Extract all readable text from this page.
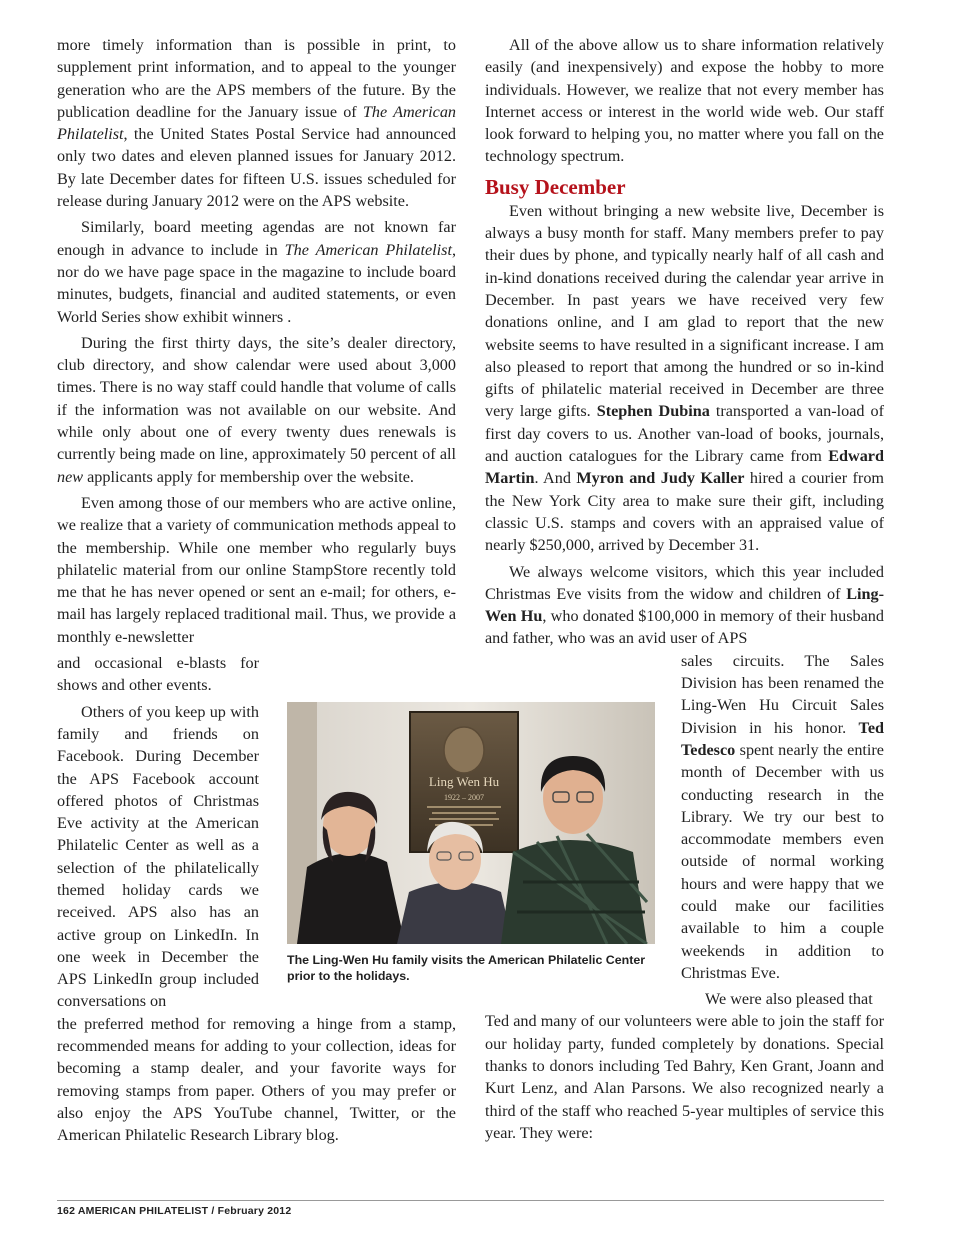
more timely information than is possible in print, to supplement print information, and to appeal to the younger generation who are the APS members of the future. By the publication deadline for the January issue of The American Philatelist, the United States Postal Service had announced only two dates and eleven planned issues for January 2012. By late December dates for fifteen U.S. issues scheduled for release during January 2012 were on the APS website.

Similarly, board meeting agendas are not known far enough in advance to include in The American Philatelist, nor do we have page space in the magazine to include board minutes, budgets, financial and audited statements, or even World Series show exhibit winners .

During the first thirty days, the site’s dealer directory, club directory, and show calendar were used about 3,000 times. There is no way staff could handle that volume of calls if the information was not available on our website. And while only about one of every twenty dues renewals is currently being made on line, approximately 50 percent of all new applicants apply for membership over the website.

Even among those of our members who are active online, we realize that a variety of communication methods appeal to the membership. While one member who regularly buys philatelic material from our online StampStore recently told me that he has never opened or sent an e-mail; for others, e-mail has largely replaced traditional mail. Thus, we provide a monthly e-newsletter

and occasional e-blasts for shows and other events.

Others of you keep up with family and friends on Facebook. During December the APS Facebook account offered photos of Christmas Eve activity at the American Philatelic Center as well as a selection of the philatelically themed holiday cards we received. APS also has an active group on LinkedIn. In one week in December the APS LinkedIn group included conversations on

the preferred method for removing a hinge from a stamp, recommended means for adding to your collection, ideas for becoming a stamp dealer, and your favorite ways for removing stamps from paper. Others of you may prefer or also enjoy the APS YouTube channel, Twitter, or the American Philatelic Research Library blog.

All of the above allow us to share information relatively easily (and inexpensively) and expose the hobby to more individuals. However, we realize that not every member has Internet access or interest in the world wide web. Our staff look forward to helping you, no matter where you fall on the technology spectrum.

Busy December

Even without bringing a new website live, December is always a busy month for staff. Many members prefer to pay their dues by phone, and typically nearly half of all cash and in-kind donations received during the calendar year arrive in December. In past years we have received very few donations online, and I am glad to report that the new website seems to have resulted in a significant increase. I am also pleased to report that among the hundred or so in-kind gifts of philatelic material received in December are three very large gifts. Stephen Dubina transported a van-load of first day covers to us. Another van-load of books, journals, and auction catalogues for the Library came from Edward Martin. And Myron and Judy Kaller hired a courier from the New York City area to make sure their gift, including classic U.S. stamps and covers with an appraised value of nearly $250,000, arrived by December 31.

We always welcome visitors, which this year included Christmas Eve visits from the widow and children of Ling-Wen Hu, who donated $100,000 in memory of their husband and father, who was an avid user of APS

sales circuits. The Sales Division has been renamed the Ling-Wen Hu Circuit Sales Division in his honor. Ted Tedesco spent nearly the entire month of December with us conducting research in the Library. We try our best to accommodate members even outside of normal working hours and were happy that we could make our facilities available to him a couple weekends in addition to Christmas Eve.

We were also pleased that

Ted and many of our volunteers were able to join the staff for our holiday party, funded completely by donations. Special thanks to donors including Ted Bahry, Ken Grant, Joann and Kurt Lenz, and Alan Parsons. We also recognized nearly a third of the staff who reached 5-year multiples of service this year. They were:

Ling Wen Hu
1922 – 2007
The Ling-Wen Hu family visits the American Philatelic Center prior to the holidays.
162 AMERICAN PHILATELIST / February 2012
